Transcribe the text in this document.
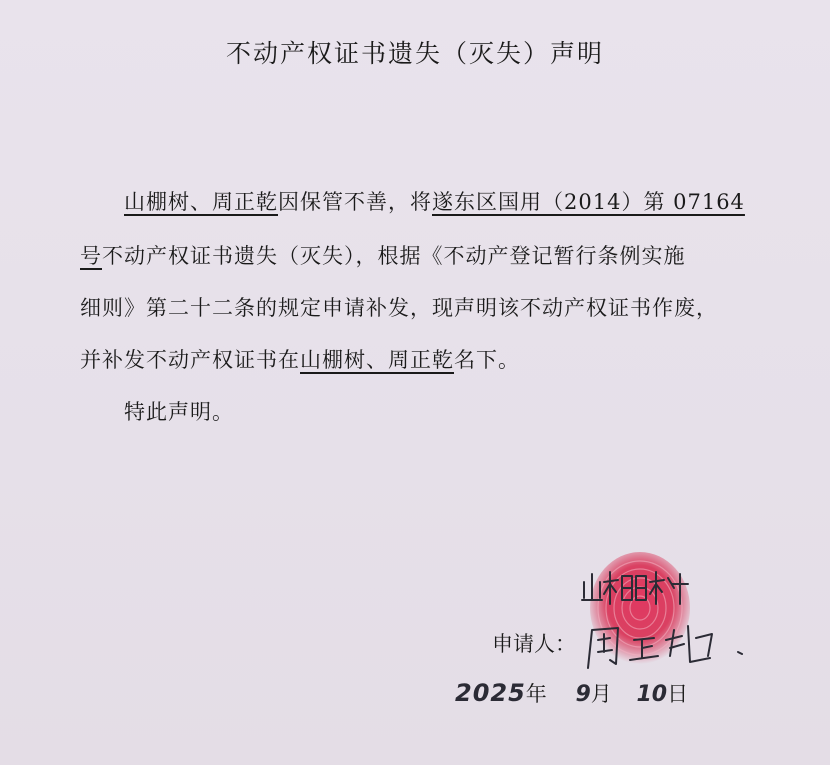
不动产权证书遗失（灭失）声明
山棚树、周正乾因保管不善，将遂东区国用（2014）第 07164
号不动产权证书遗失（灭失），根据《不动产登记暂行条例实施
细则》第二十二条的规定申请补发，现声明该不动产权证书作废，
并补发不动产权证书在山棚树、周正乾名下。
特此声明。
申请人：
2025年 9月 10日
